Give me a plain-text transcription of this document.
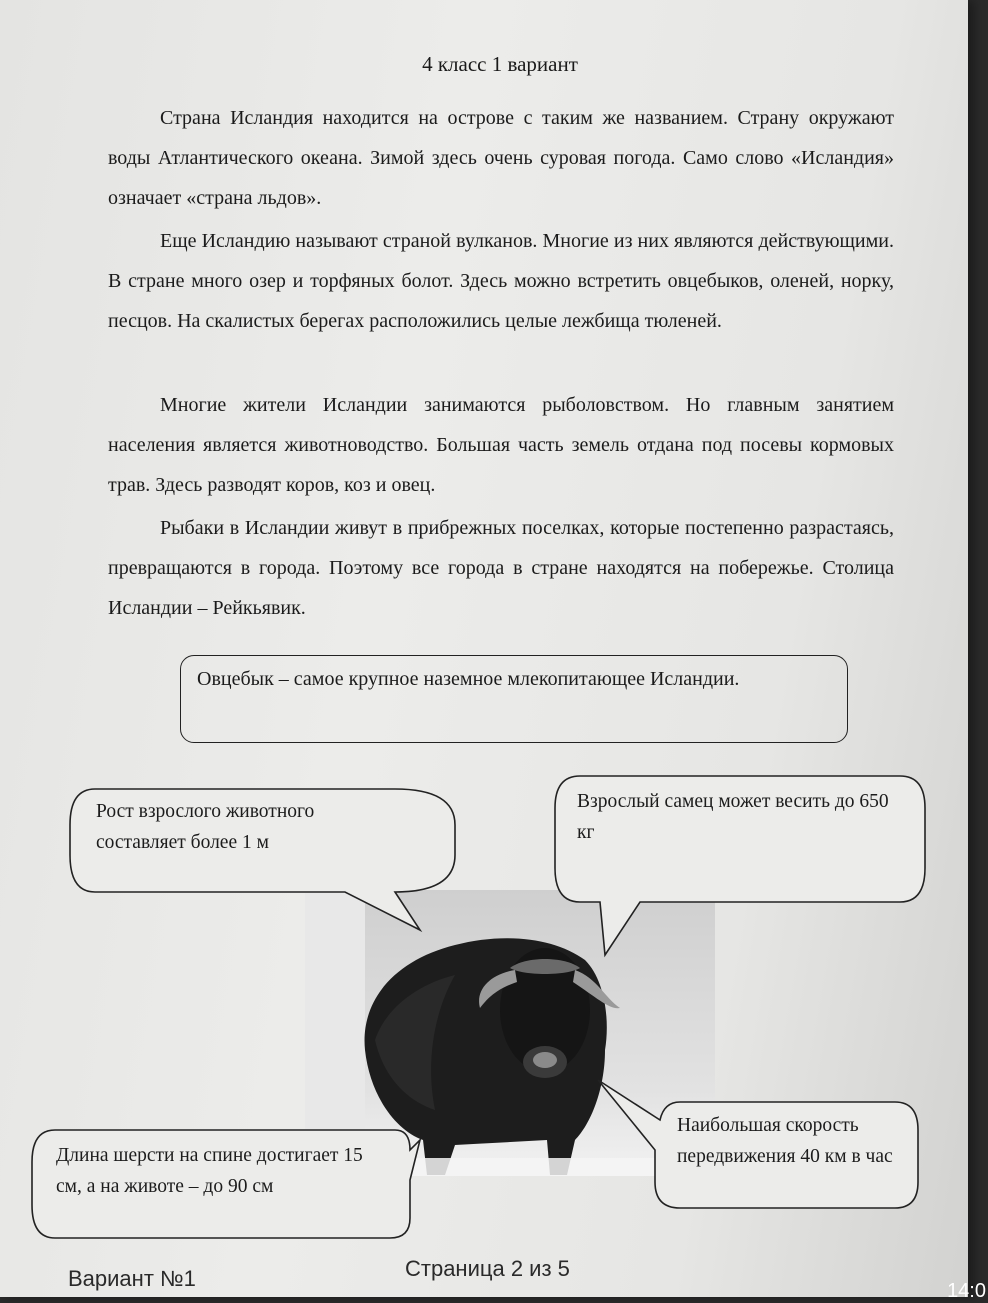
4 класс 1 вариант

Страна Исландия находится на острове с таким же названием. Страну окружают воды Атлантического океана. Зимой здесь очень суровая погода. Само слово «Исландия» означает «страна льдов».

Еще Исландию называют страной вулканов. Многие из них являются действующими. В стране много озер и торфяных болот. Здесь можно встретить овцебыков, оленей, норку, песцов. На скалистых берегах расположились целые лежбища тюленей.

Многие жители Исландии занимаются рыболовством. Но главным занятием населения является животноводство. Большая часть земель отдана под посевы кормовых трав. Здесь разводят коров, коз и овец.

Рыбаки в Исландии живут в прибрежных поселках, которые постепенно разрастаясь, превращаются в города. Поэтому все города в стране находятся на побережье. Столица Исландии – Рейкьявик.

Овцебык – самое крупное наземное млекопитающее Исландии.
Рост взрослого животного составляет более 1 м
Взрослый самец может весить до 650 кг
Длина шерсти на спине достигает 15 см, а на животе – до 90 см
Наибольшая скорость передвижения 40 км в час
Вариант №1	Страница 2 из 5
14:0
